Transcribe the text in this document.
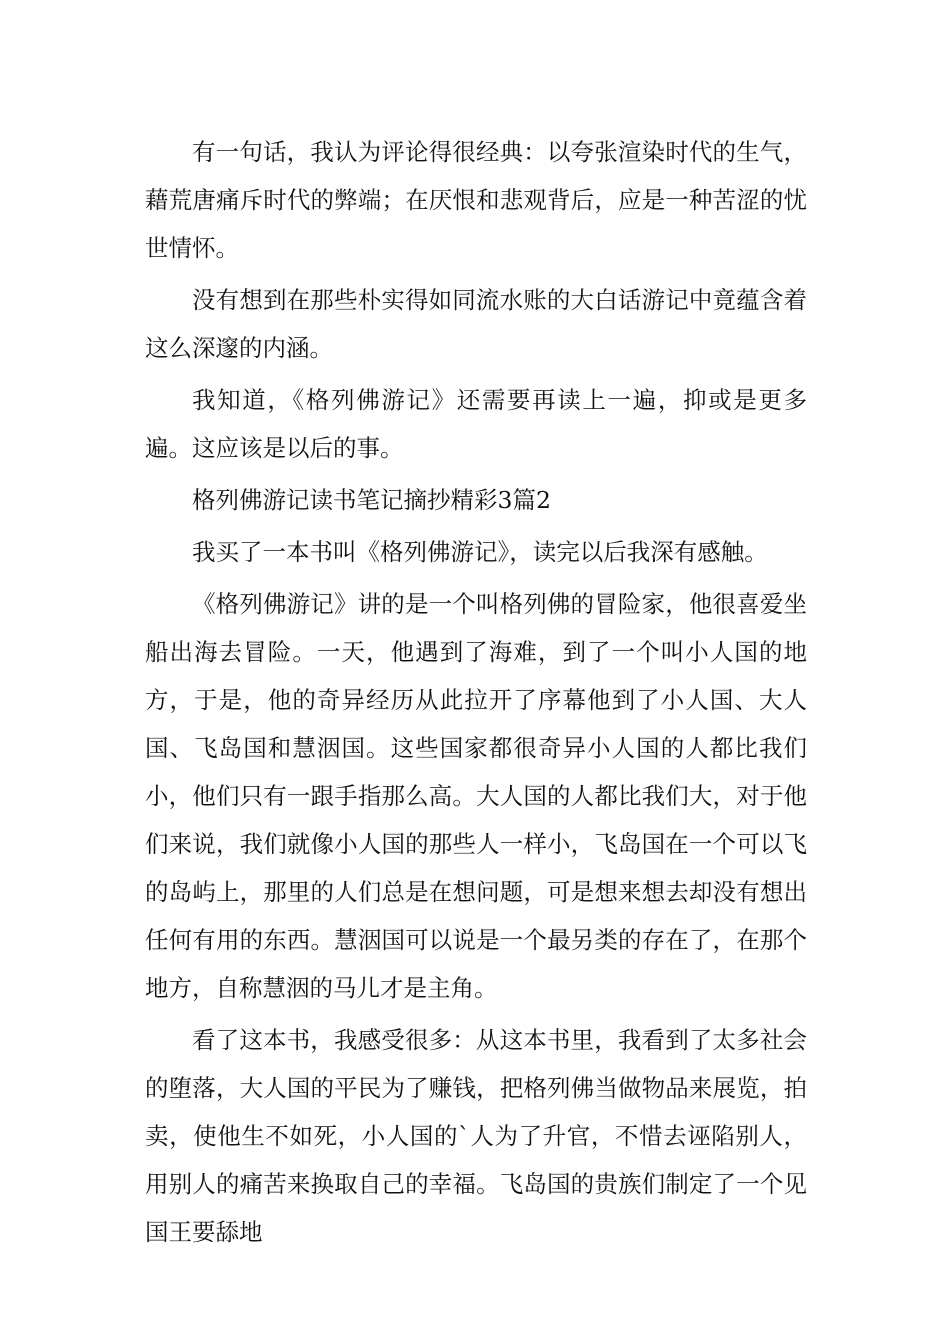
有一句话，我认为评论得很经典：以夸张渲染时代的生气，藉荒唐痛斥时代的弊端；在厌恨和悲观背后，应是一种苦涩的忧世情怀。

没有想到在那些朴实得如同流水账的大白话游记中竟蕴含着这么深邃的内涵。

我知道，《格列佛游记》还需要再读上一遍，抑或是更多遍。这应该是以后的事。

格列佛游记读书笔记摘抄精彩3篇2

我买了一本书叫《格列佛游记》，读完以后我深有感触。

《格列佛游记》讲的是一个叫格列佛的冒险家，他很喜爱坐船出海去冒险。一天，他遇到了海难，到了一个叫小人国的地方，于是，他的奇异经历从此拉开了序幕他到了小人国、大人国、飞岛国和慧洇国。这些国家都很奇异小人国的人都比我们小，他们只有一跟手指那么高。大人国的人都比我们大，对于他们来说，我们就像小人国的那些人一样小，飞岛国在一个可以飞的岛屿上，那里的人们总是在想问题，可是想来想去却没有想出任何有用的东西。慧洇国可以说是一个最另类的存在了，在那个地方，自称慧洇的马儿才是主角。

看了这本书，我感受很多：从这本书里，我看到了太多社会的堕落，大人国的平民为了赚钱，把格列佛当做物品来展览，拍卖，使他生不如死，小人国的`人为了升官，不惜去诬陷别人，用别人的痛苦来换取自己的幸福。飞岛国的贵族们制定了一个见国王要舔地
